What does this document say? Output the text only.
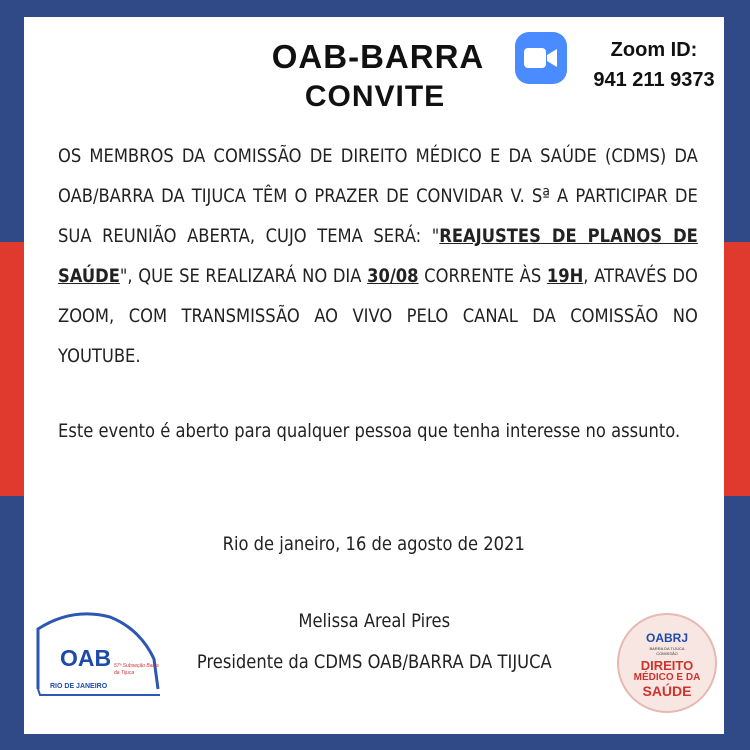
OAB-BARRA
CONVITE
Zoom ID:
941 211 9373
OS MEMBROS DA COMISSÃO DE DIREITO MÉDICO E DA SAÚDE (CDMS) DA OAB/BARRA DA TIJUCA TÊM O PRAZER DE CONVIDAR V. Sª A PARTICIPAR DE SUA REUNIÃO ABERTA, CUJO TEMA SERÁ: "REAJUSTES DE PLANOS DE SAÚDE", QUE SE REALIZARÁ NO DIA 30/08 CORRENTE ÀS 19H, ATRAVÉS DO ZOOM, COM TRANSMISSÃO AO VIVO PELO CANAL DA COMISSÃO NO YOUTUBE.
Este evento é aberto para qualquer pessoa que tenha interesse no assunto.
Rio de janeiro, 16 de agosto de 2021
Melissa Areal Pires
Presidente da CDMS OAB/BARRA DA TIJUCA
OAB 57ª Subseção Barra da Tijuca
RIO DE JANEIRO
OABRJ
BARRA DA TIJUCA
COMISSÃO
DIREITO
MÉDICO E DA
SAÚDE
